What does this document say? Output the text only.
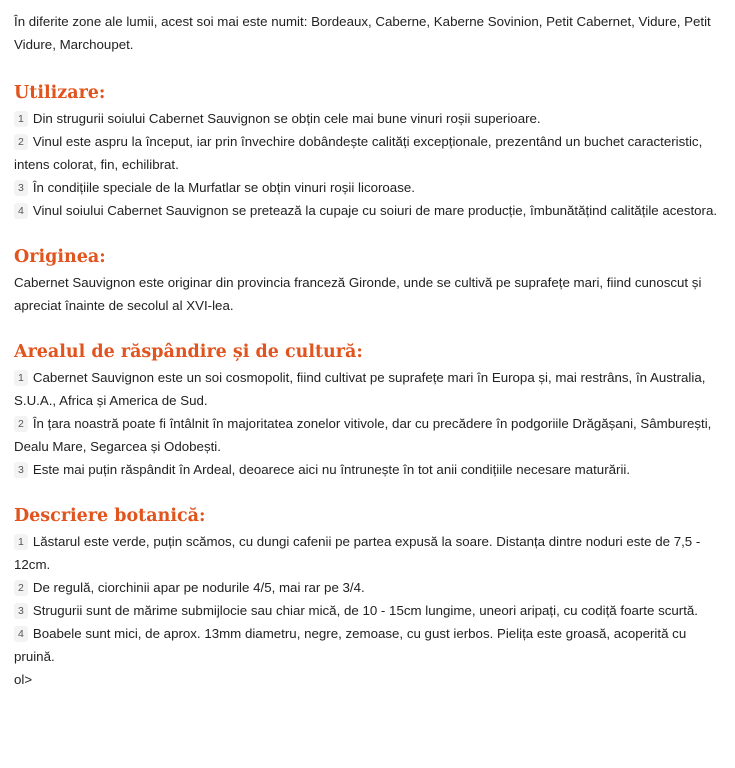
În diferite zone ale lumii, acest soi mai este numit: Bordeaux, Caberne, Kaberne Sovinion, Petit Cabernet, Vidure, Petit Vidure, Marchoupet.

Utilizare:

1 Din strugurii soiului Cabernet Sauvignon se obțin cele mai bune vinuri roșii superioare.

2 Vinul este aspru la început, iar prin învechire dobândește calități excepționale, prezentând un buchet caracteristic, intens colorat, fin, echilibrat.

3 În condițiile speciale de la Murfatlar se obțin vinuri roșii licoroase.

4 Vinul soiului Cabernet Sauvignon se pretează la cupaje cu soiuri de mare producție, îmbunătățind calitățile acestora.

Originea:

Cabernet Sauvignon este originar din provincia franceză Gironde, unde se cultivă pe suprafețe mari, fiind cunoscut și apreciat înainte de secolul al XVI-lea.

Arealul de răspândire și de cultură:

1 Cabernet Sauvignon este un soi cosmopolit, fiind cultivat pe suprafețe mari în Europa și, mai restrâns, în Australia, S.U.A., Africa și America de Sud.

2 În țara noastră poate fi întâlnit în majoritatea zonelor vitivole, dar cu precădere în podgoriile Drăgășani, Sâmburești, Dealu Mare, Segarcea și Odobești.

3 Este mai puțin răspândit în Ardeal, deoarece aici nu întrunește în tot anii condițiile necesare maturării.

Descriere botanică:

1 Lăstarul este verde, puțin scămos, cu dungi cafenii pe partea expusă la soare. Distanța dintre noduri este de 7,5 - 12cm.

2 De regulă, ciorchinii apar pe nodurile 4/5, mai rar pe 3/4.

3 Strugurii sunt de mărime submijlocie sau chiar mică, de 10 - 15cm lungime, uneori aripați, cu codiță foarte scurtă.

4 Boabele sunt mici, de aprox. 13mm diametru, negre, zemoase, cu gust ierbos. Pielița este groasă, acoperită cu pruină.

ol>
